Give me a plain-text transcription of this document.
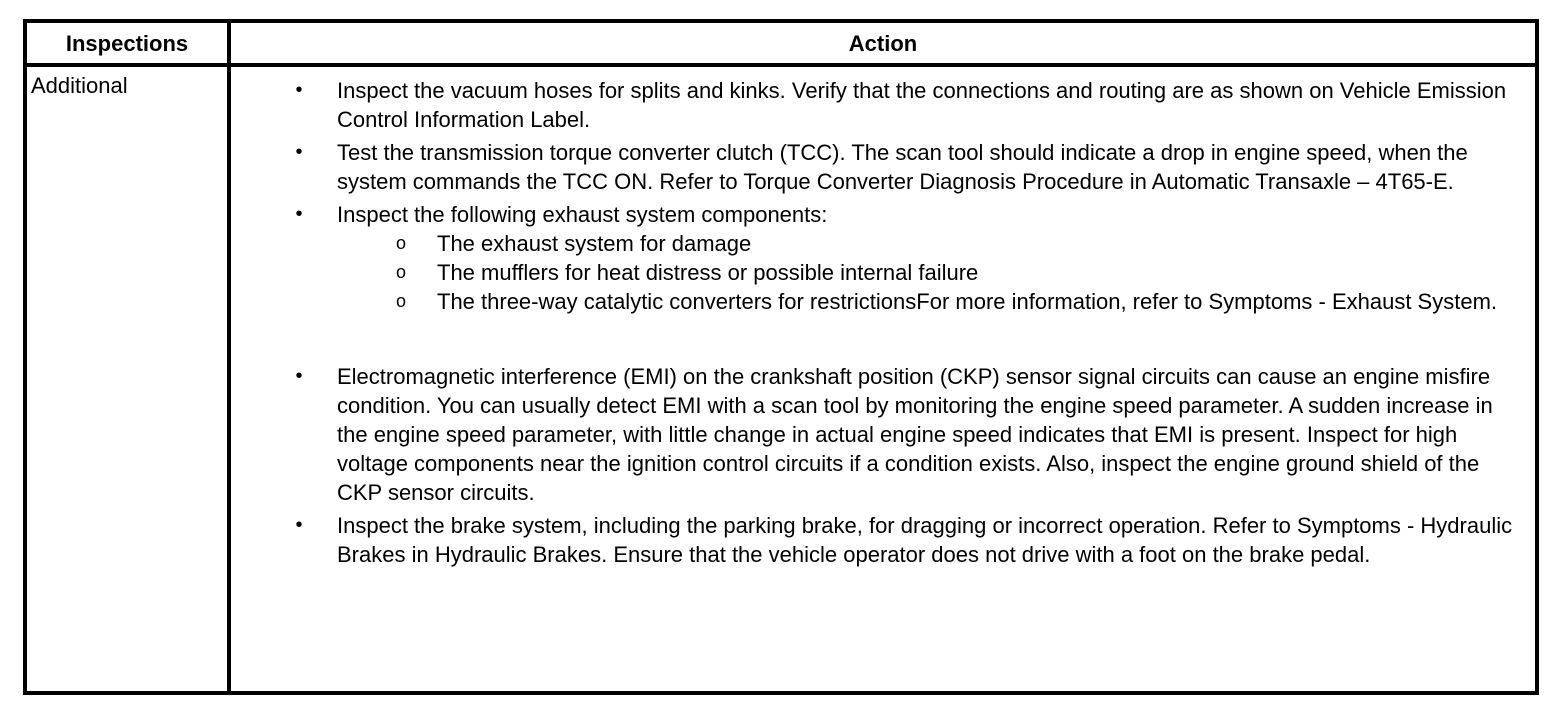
Inspections	Action
Additional	• Inspect the vacuum hoses for splits and kinks. Verify that the connections and routing are as shown on Vehicle Emission Control Information Label.
• Test the transmission torque converter clutch (TCC). The scan tool should indicate a drop in engine speed, when the system commands the TCC ON. Refer to Torque Converter Diagnosis Procedure in Automatic Transaxle – 4T65-E.
• Inspect the following exhaust system components:
o The exhaust system for damage
o The mufflers for heat distress or possible internal failure
o The three-way catalytic converters for restrictionsFor more information, refer to Symptoms - Exhaust System.
• Electromagnetic interference (EMI) on the crankshaft position (CKP) sensor signal circuits can cause an engine misfire condition. You can usually detect EMI with a scan tool by monitoring the engine speed parameter. A sudden increase in the engine speed parameter, with little change in actual engine speed indicates that EMI is present. Inspect for high voltage components near the ignition control circuits if a condition exists. Also, inspect the engine ground shield of the CKP sensor circuits.
• Inspect the brake system, including the parking brake, for dragging or incorrect operation. Refer to Symptoms - Hydraulic Brakes in Hydraulic Brakes. Ensure that the vehicle operator does not drive with a foot on the brake pedal.
